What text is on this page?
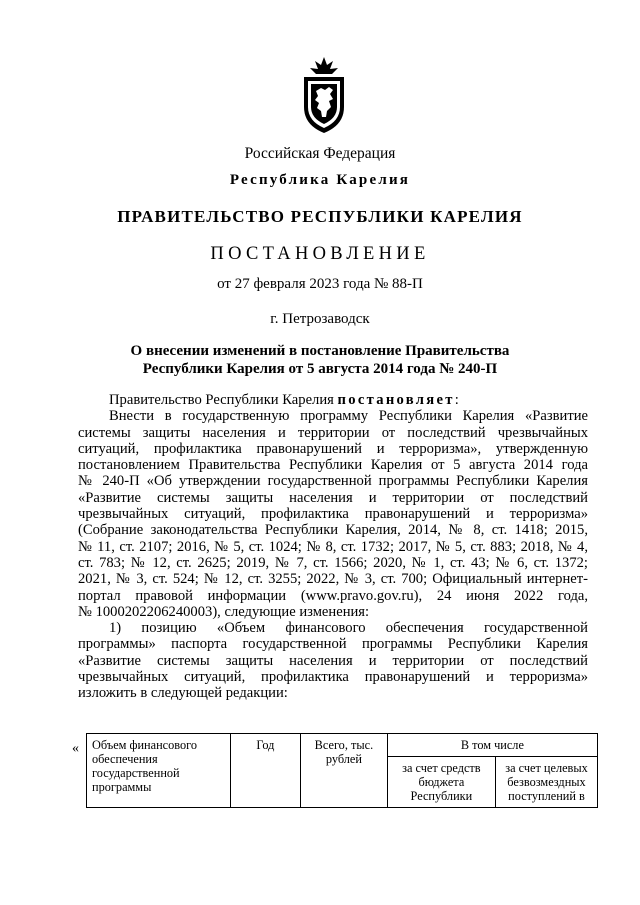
Российская Федерация
Республика Карелия
ПРАВИТЕЛЬСТВО РЕСПУБЛИКИ КАРЕЛИЯ
ПОСТАНОВЛЕНИЕ
от 27 февраля 2023 года № 88-П
г. Петрозаводск
О внесении изменений в постановление Правительства
Республики Карелия от 5 августа 2014 года № 240-П
Правительство Республики Карелия постановляет:
Внести в государственную программу Республики Карелия «Развитие
системы защиты населения и территории от последствий чрезвычайных
ситуаций, профилактика правонарушений и терроризма», утвержденную
постановлением Правительства Республики Карелия от 5 августа 2014 года
№ 240-П «Об утверждении государственной программы Республики Карелия
«Развитие системы защиты населения и территории от последствий
чрезвычайных ситуаций, профилактика правонарушений и терроризма»
(Собрание законодательства Республики Карелия, 2014, № 8, ст. 1418; 2015,
№ 11, ст. 2107; 2016, № 5, ст. 1024; № 8, ст. 1732; 2017, № 5, ст. 883; 2018, № 4,
ст. 783; № 12, ст. 2625; 2019, № 7, ст. 1566; 2020, № 1, ст. 43; № 6, ст. 1372;
2021, № 3, ст. 524; № 12, ст. 3255; 2022, № 3, ст. 700; Официальный интернет-
портал правовой информации (www.pravo.gov.ru), 24 июня 2022 года,
№ 1000202206240003), следующие изменения:
1) позицию «Объем финансового обеспечения государственной
программы» паспорта государственной программы Республики Карелия
«Развитие системы защиты населения и территории от последствий
чрезвычайных ситуаций, профилактика правонарушений и терроризма»
изложить в следующей редакции:
« Объем финансового обеспечения государственной программы	Год	Всего, тыс. рублей	В том числе	
			за счет средств бюджета Республики	за счет целевых безвозмездных поступлений в
